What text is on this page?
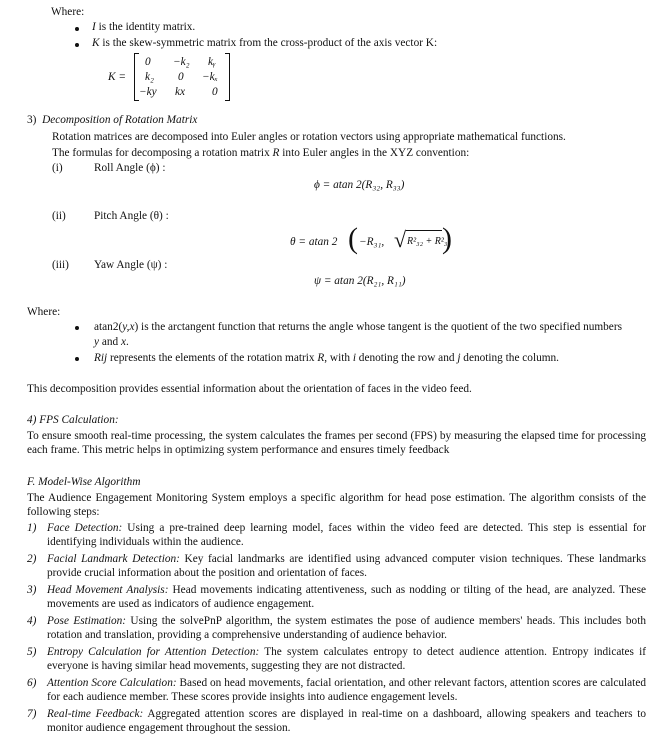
Where:
I is the identity matrix.
K is the skew-symmetric matrix from the cross-product of the axis vector K:
K =
0 −k₂ kᵧ
k₂ 0 −kₓ
−ky kx 0
3) Decomposition of Rotation Matrix
Rotation matrices are decomposed into Euler angles or rotation vectors using appropriate mathematical functions.
The formulas for decomposing a rotation matrix R into Euler angles in the XYZ convention:
(i)	Roll Angle (ϕ) :
ϕ = atan 2(R₃₂, R₃₃)
(ii) Pitch Angle (θ) :
θ = atan 2 ( −R₃₁, √ R²₃₂ + R²₃₃
)
(iii) Yaw Angle (ψ) :
ψ = atan 2(R₂₁, R₁₁)
Where:
atan2(y,x) is the arctangent function that returns the angle whose tangent is the quotient of the two specified numbers
y and x.
Rij represents the elements of the rotation matrix R, with i denoting the row and j denoting the column.
This decomposition provides essential information about the orientation of faces in the video feed.
4) FPS Calculation:
To ensure smooth real-time processing, the system calculates the frames per second (FPS) by measuring the elapsed time for processing each frame. This metric helps in optimizing system performance and ensures timely feedback
F. Model-Wise Algorithm
The Audience Engagement Monitoring System employs a specific algorithm for head pose estimation. The algorithm consists of the following steps:
1) Face Detection: Using a pre-trained deep learning model, faces within the video feed are detected. This step is essential for identifying individuals within the audience.
2) Facial Landmark Detection: Key facial landmarks are identified using advanced computer vision techniques. These landmarks provide crucial information about the position and orientation of faces.
3) Head Movement Analysis: Head movements indicating attentiveness, such as nodding or tilting of the head, are analyzed. These movements are used as indicators of audience engagement.
4) Pose Estimation: Using the solvePnP algorithm, the system estimates the pose of audience members' heads. This includes both rotation and translation, providing a comprehensive understanding of audience behavior.
5) Entropy Calculation for Attention Detection: The system calculates entropy to detect audience attention. Entropy indicates if everyone is having similar head movements, suggesting they are not distracted.
6) Attention Score Calculation: Based on head movements, facial orientation, and other relevant factors, attention scores are calculated for each audience member. These scores provide insights into audience engagement levels.
7) Real-time Feedback: Aggregated attention scores are displayed in real-time on a dashboard, allowing speakers and teachers to monitor audience engagement throughout the session.
